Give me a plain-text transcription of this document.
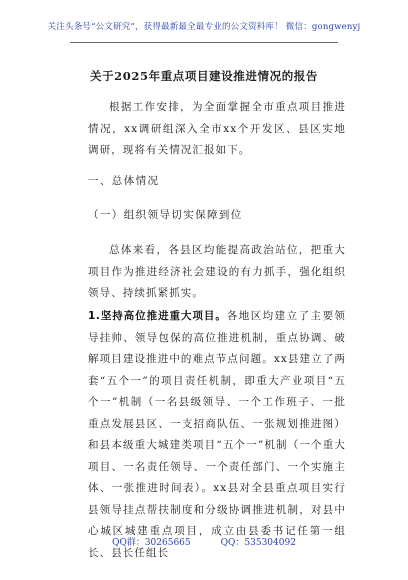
关注头条号“公文研究”，获得最新最全最专业的公文资料库！ 微信：gongwenyj
关于2025年重点项目建设推进情况的报告
根据工作安排，为全面掌握全市重点项目推进情况，xx调研组深入全市xx个开发区、县区实地调研，现将有关情况汇报如下。
一、总体情况
（一）组织领导切实保障到位
总体来看，各县区均能提高政治站位，把重大项目作为推进经济社会建设的有力抓手，强化组织领导、持续抓紧抓实。
1.坚持高位推进重大项目。各地区均建立了主要领导挂帅、领导包保的高位推进机制，重点协调、破解项目建设推进中的难点节点问题。xx县建立了两套“五个一”的项目责任机制，即重大产业项目“五个一”机制（一名县级领导、一个工作班子、一批重点发展县区、一支招商队伍、一张规划推进图）和县本级重大城建类项目“五个一”机制（一个重大项目、一名责任领导、一个责任部门、一个实施主体、一张推进时间表）。xx县对全县重点项目实行县领导挂点帮扶制度和分级协调推进机制，对县中心城区城建重点项目，成立由县委书记任第一组长、县长任组长
QQ群：30265665	QQ：535304092
